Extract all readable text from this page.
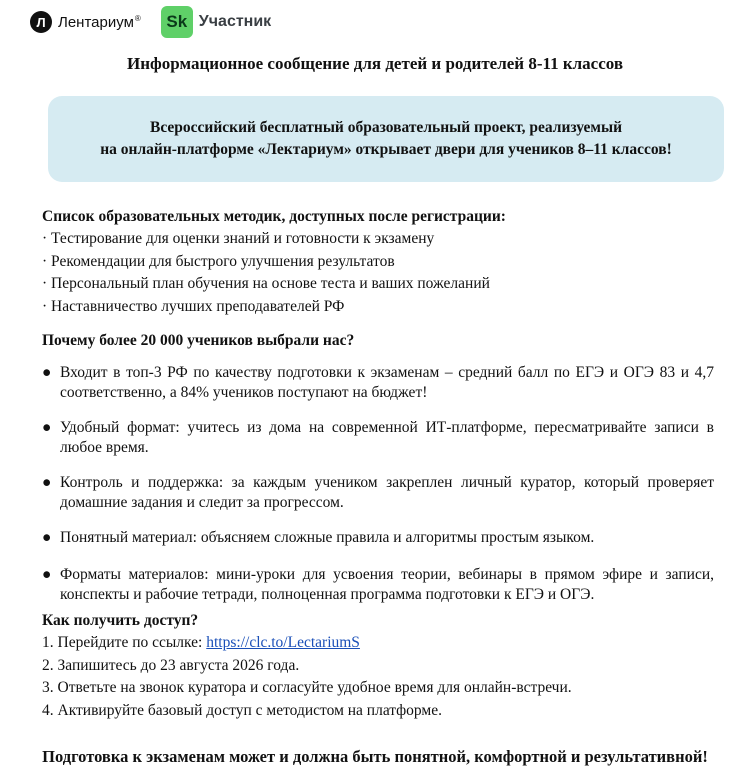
Л Лентариум®	Sk Участник
Информационное сообщение для детей и родителей 8-11 классов
Всероссийский бесплатный образовательный проект, реализуемый
на онлайн-платформе «Лектариум» открывает двери для учеников 8–11 классов!
Список образовательных методик, доступных после регистрации:
· Тестирование для оценки знаний и готовности к экзамену
· Рекомендации для быстрого улучшения результатов
· Персональный план обучения на основе теста и ваших пожеланий
· Наставничество лучших преподавателей РФ
Почему более 20 000 учеников выбрали нас?
● Входит в топ-3 РФ по качеству подготовки к экзаменам – средний балл по ЕГЭ и ОГЭ 83 и 4,7 соответственно, а 84% учеников поступают на бюджет!
● Удобный формат: учитесь из дома на современной ИТ-платформе, пересматривайте записи в любое время.
● Контроль и поддержка: за каждым учеником закреплен личный куратор, который проверяет домашние задания и следит за прогрессом.
● Понятный материал: объясняем сложные правила и алгоритмы простым языком.
● Форматы материалов: мини-уроки для усвоения теории, вебинары в прямом эфире и записи, конспекты и рабочие тетради, полноценная программа подготовки к ЕГЭ и ОГЭ.
Как получить доступ?
1. Перейдите по ссылке: https://clc.to/LectariumS
2. Запишитесь до 23 августа 2026 года.
3. Ответьте на звонок куратора и согласуйте удобное время для онлайн-встречи.
4. Активируйте базовый доступ с методистом на платформе.
Подготовка к экзаменам может и должна быть понятной, комфортной и результативной!
